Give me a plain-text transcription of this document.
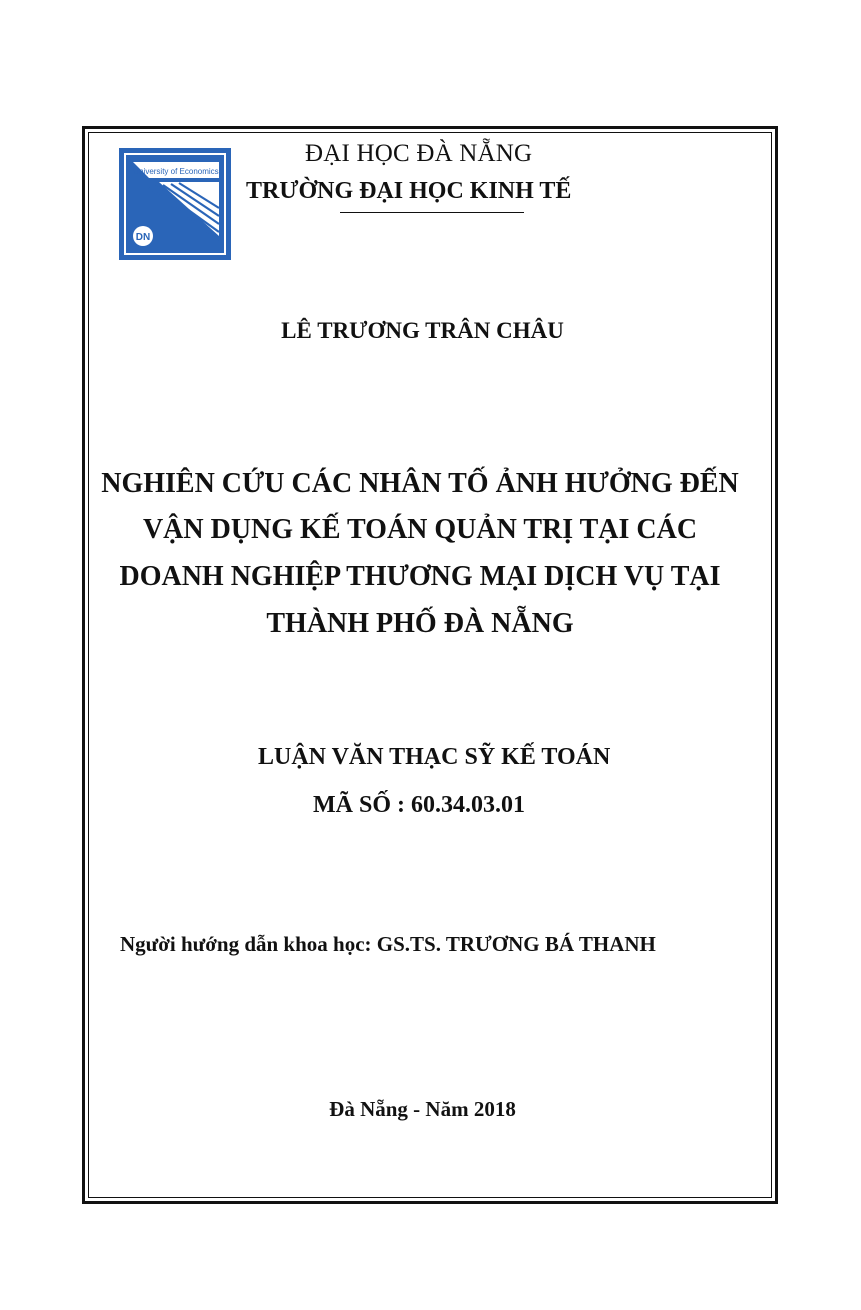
University of Economics
DN
ĐẠI HỌC ĐÀ NẴNG
TRƯỜNG ĐẠI HỌC KINH TẾ
LÊ TRƯƠNG TRÂN CHÂU
NGHIÊN CỨU CÁC NHÂN TỐ ẢNH HƯỞNG ĐẾN
VẬN DỤNG KẾ TOÁN QUẢN TRỊ TẠI CÁC
DOANH NGHIỆP THƯƠNG MẠI DỊCH VỤ TẠI
THÀNH PHỐ ĐÀ NẴNG
LUẬN VĂN THẠC SỸ KẾ TOÁN
MÃ SỐ : 60.34.03.01
Người hướng dẫn khoa học: GS.TS. TRƯƠNG BÁ THANH
Đà Nẵng - Năm 2018
